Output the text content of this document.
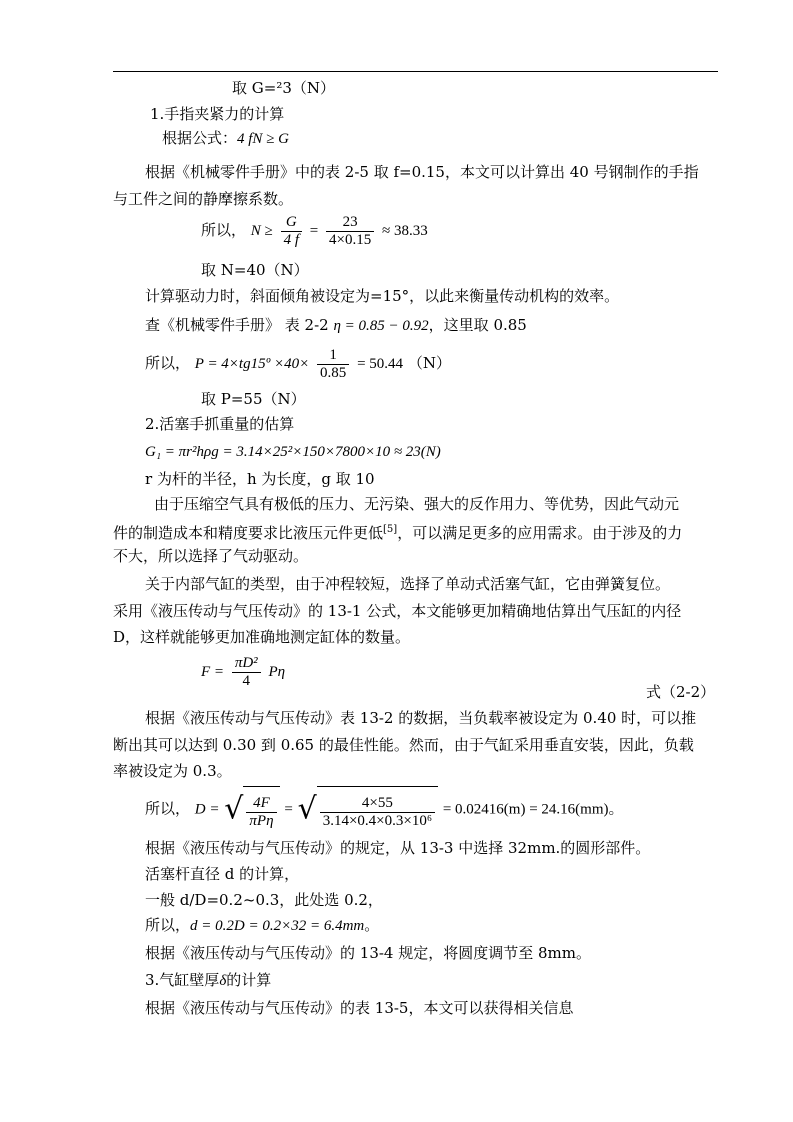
取 G=²3（N）
1.手指夹紧力的计算
根据公式：4 fN ≥ G
根据《机械零件手册》中的表 2-5 取 f=0.15，本文可以计算出 40 号钢制作的手指
与工件之间的静摩擦系数。
所以， $N \ge \frac{G}{4 f} = \frac{23}{4\times 0.15} \approx 38.33$
取 N=40（N）
计算驱动力时，斜面倾角被设定为=15°，以此来衡量传动机构的效率。
查《机械零件手册》 表 2-2 η = 0.85 − 0.92，这里取 0.85
所以， P = 4×tg15º $\times 40\times \frac{1}{0.85} = 50.44$ （N）
取 P=55（N）
2.活塞手抓重量的估算
G₁ = πr²hρg = 3.14×25²×150×7800×10 ≈ 23(N)
r 为杆的半径，h 为长度，g 取 10
由于压缩空气具有极低的压力、无污染、强大的反作用力、等优势，因此气动元
件的制造成本和精度要求比液压元件更低[5]，可以满足更多的应用需求。由于涉及的力
不大，所以选择了气动驱动。
关于内部气缸的类型，由于冲程较短，选择了单动式活塞气缸，它由弹簧复位。
采用《液压传动与气压传动》的 13-1 公式，本文能够更加精确地估算出气压缸的内径
D，这样就能够更加准确地测定缸体的数量。
$F = \frac{\text{πD²}}{4}$ Pη
式（2-2）
根据《液压传动与气压传动》表 13-2 的数据，当负载率被设定为 0.40 时，可以推
断出其可以达到 0.30 到 0.65 的最佳性能。然而，由于气缸采用垂直安装，因此，负载
率被设定为 0.3。
所以， D = √ $\frac{4F}{\text{πPη}}$ = √ $\frac{4\times 55}{\text{3.14×0.4×0.3×10⁶}} = 0.02416(m) = 24.16(mm)$。
根据《液压传动与气压传动》的规定，从 13-3 中选择 32mm.的圆形部件。
活塞杆直径 d 的计算，
一般 d/D=0.2~0.3，此处选 0.2，
所以，d = 0.2D = 0.2×32 = 6.4mm。
根据《液压传动与气压传动》的 13-4 规定，将圆度调节至 8mm。
3.气缸壁厚δ的计算
根据《液压传动与气压传动》的表 13-5，本文可以获得相关信息
